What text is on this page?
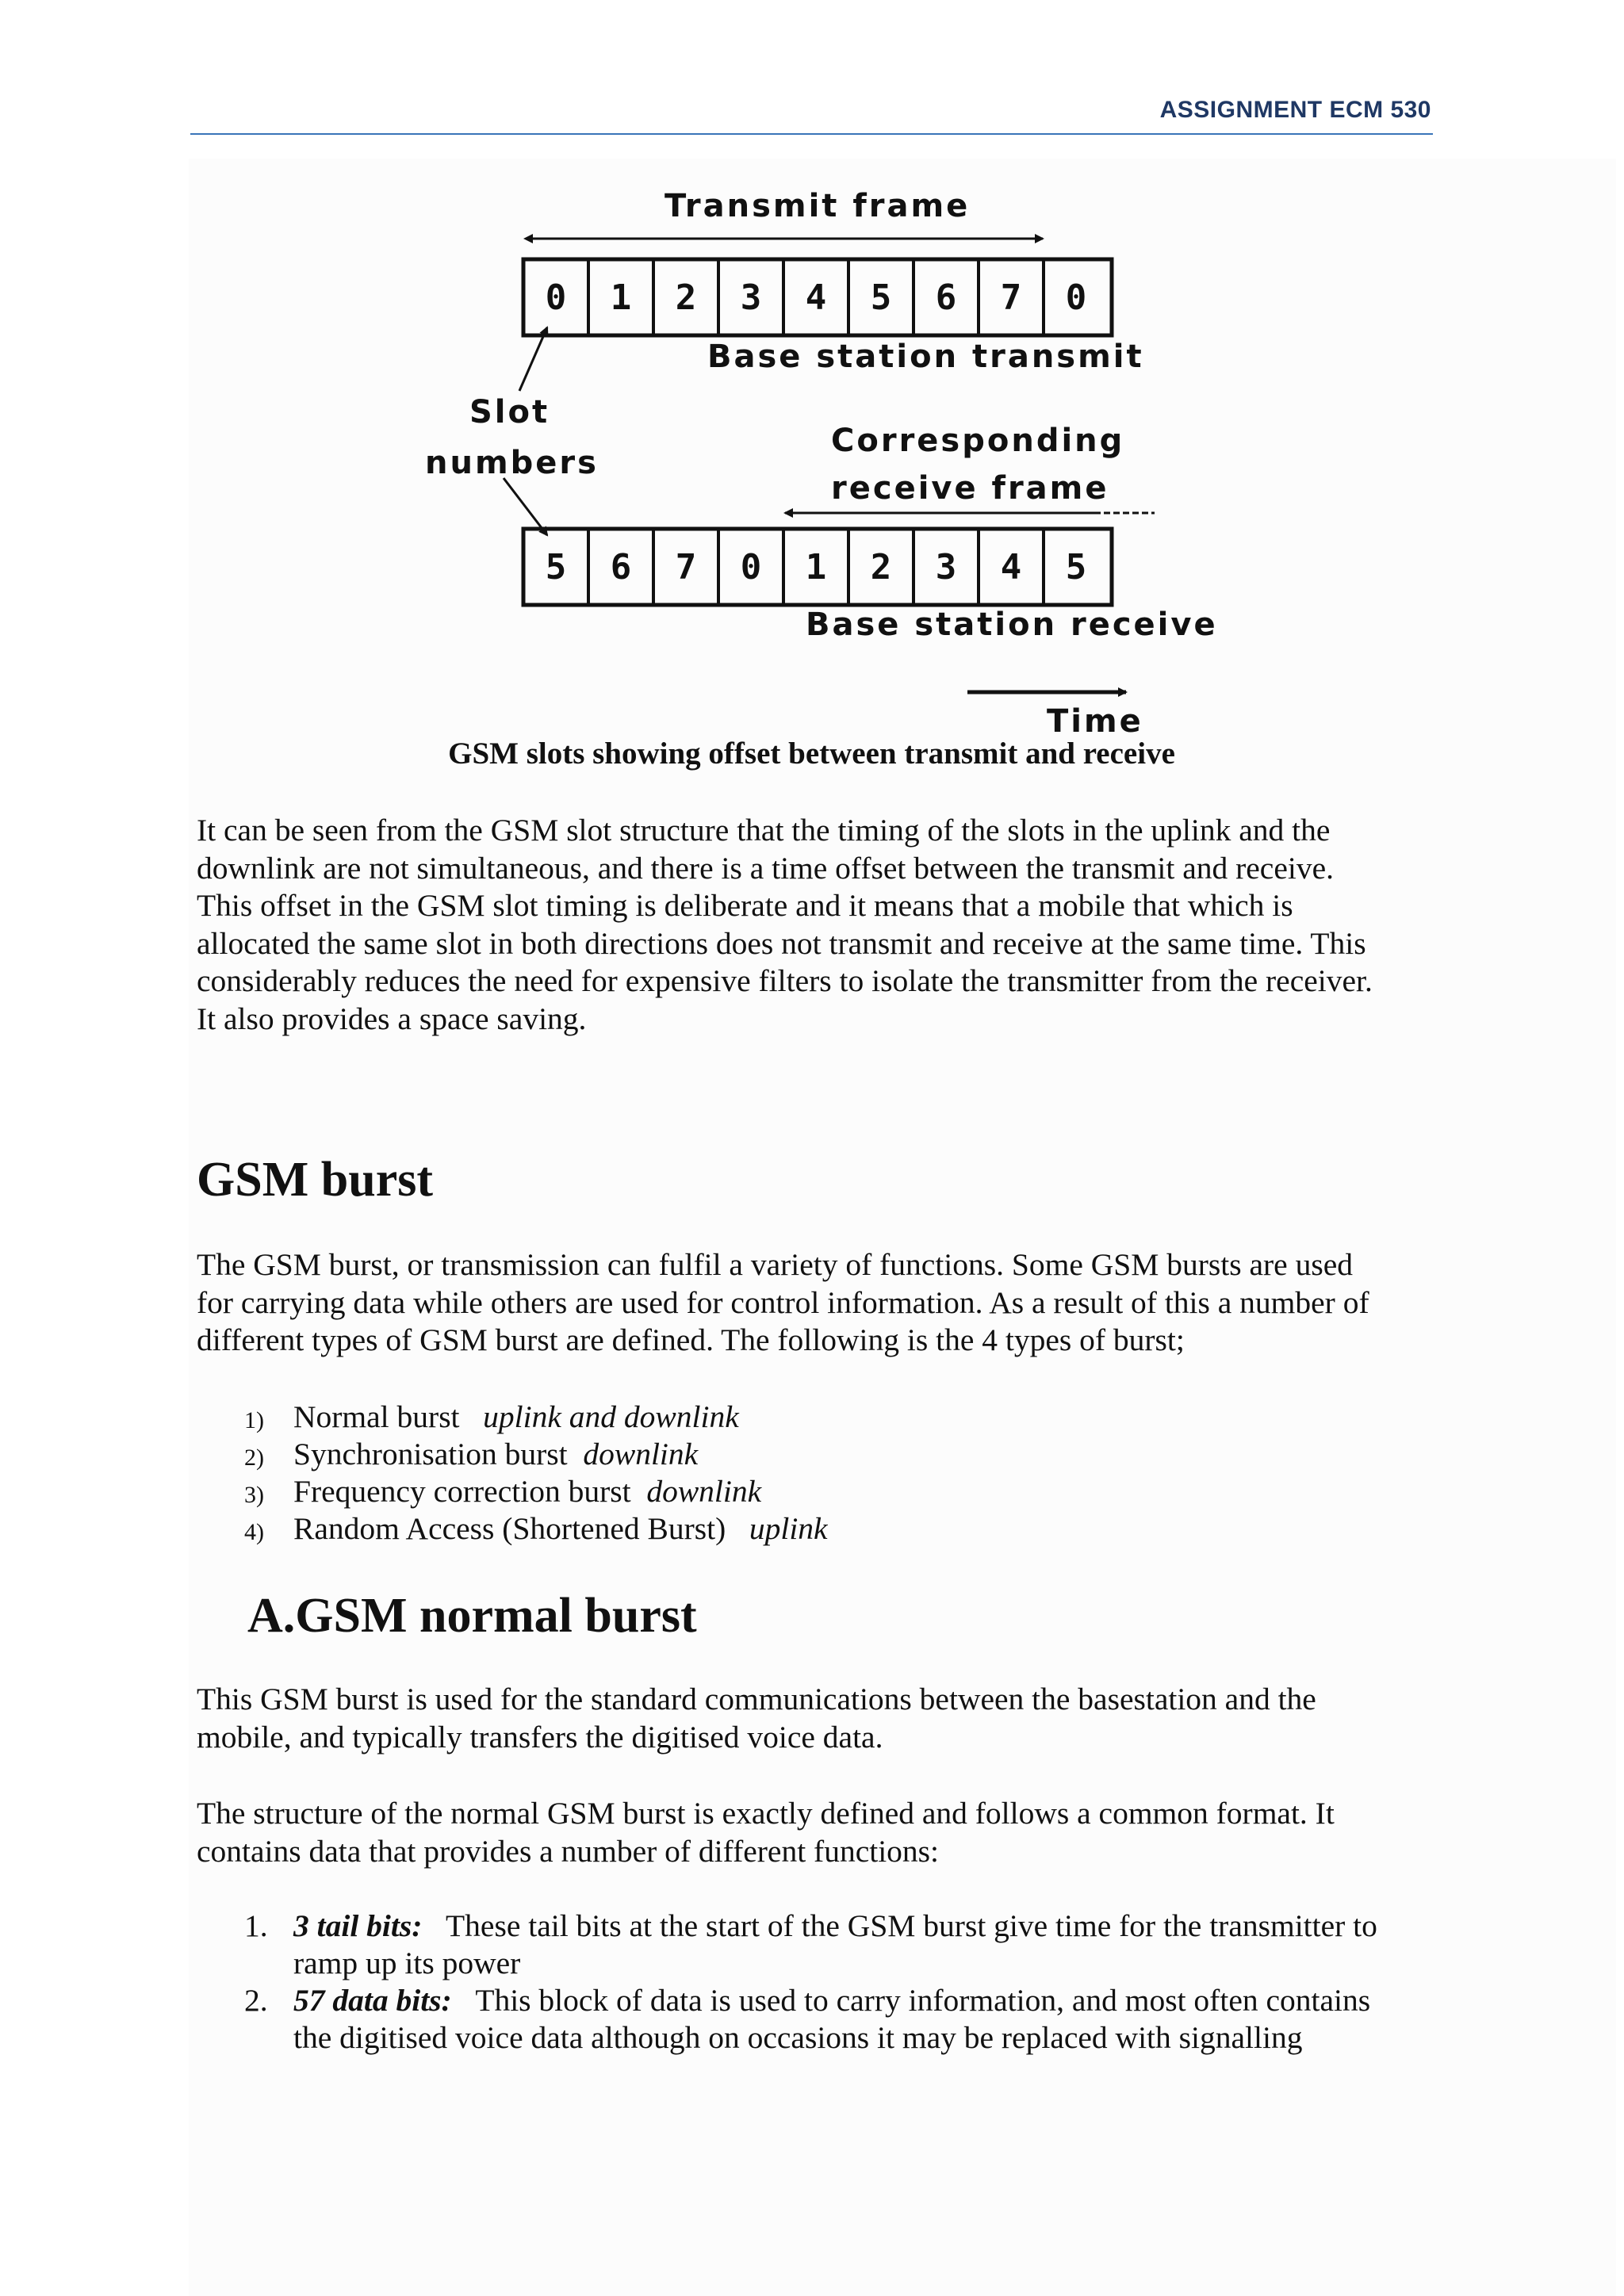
ASSIGNMENT ECM 530
Transmit frame
0	1	2	3	4	5	6	7	0
Base station transmit
Slot
numbers
Corresponding
receive frame
5	6	7	0	1	2	3	4	5
Base station receive
Time
GSM slots showing offset between transmit and receive
It can be seen from the GSM slot structure that the timing of the slots in the uplink and the
downlink are not simultaneous, and there is a time offset between the transmit and receive.
This offset in the GSM slot timing is deliberate and it means that a mobile that which is
allocated the same slot in both directions does not transmit and receive at the same time. This
considerably reduces the need for expensive filters to isolate the transmitter from the receiver.
It also provides a space saving.
GSM burst
The GSM burst, or transmission can fulfil a variety of functions. Some GSM bursts are used
for carrying data while others are used for control information. As a result of this a number of
different types of GSM burst are defined. The following is the 4 types of burst;
1) Normal burst uplink and downlink
2) Synchronisation burst downlink
3) Frequency correction burst downlink
4) Random Access (Shortened Burst) uplink
A.GSM normal burst
This GSM burst is used for the standard communications between the basestation and the
mobile, and typically transfers the digitised voice data.
The structure of the normal GSM burst is exactly defined and follows a common format. It
contains data that provides a number of different functions:
1. 3 tail bits: These tail bits at the start of the GSM burst give time for the transmitter to
ramp up its power
2. 57 data bits: This block of data is used to carry information, and most often contains
the digitised voice data although on occasions it may be replaced with signalling
